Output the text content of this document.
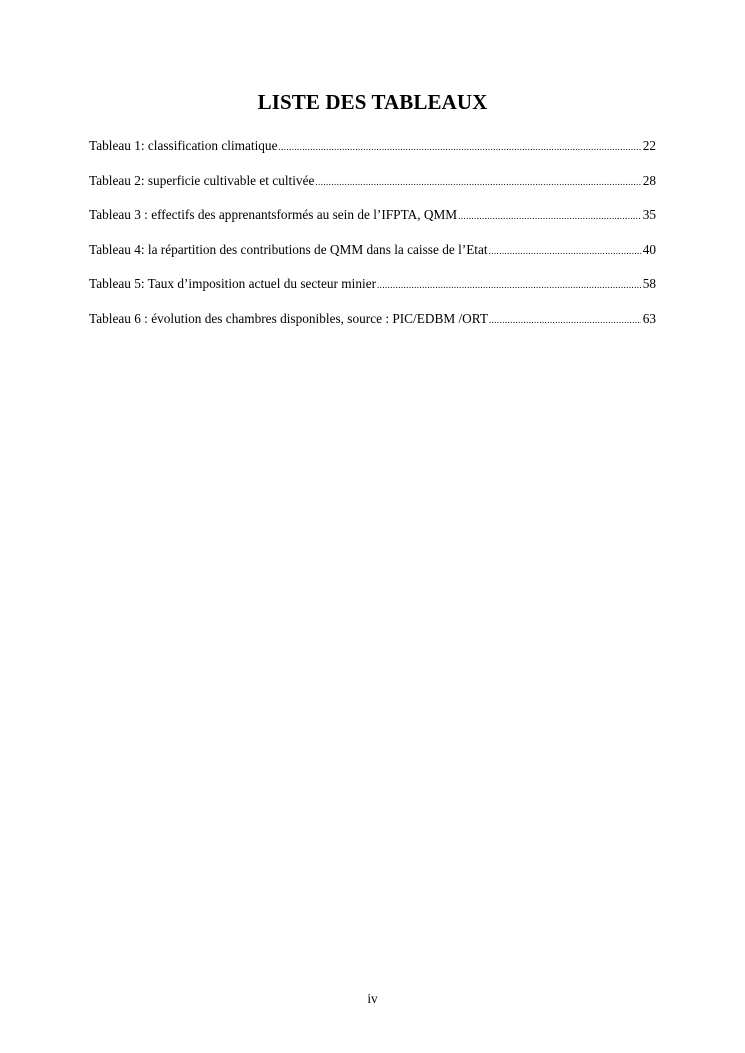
LISTE DES TABLEAUX
Tableau 1: classification climatique .....	22
Tableau 2: superficie cultivable et cultivée .....	28
Tableau 3 : effectifs des apprenantsformés au sein de l’IFPTA, QMM .....	35
Tableau 4: la répartition des contributions de QMM dans la caisse de l’Etat .....	40
Tableau 5: Taux d’imposition actuel du secteur minier .....	58
Tableau 6 : évolution des chambres disponibles, source : PIC/EDBM /ORT .....	63
iv
